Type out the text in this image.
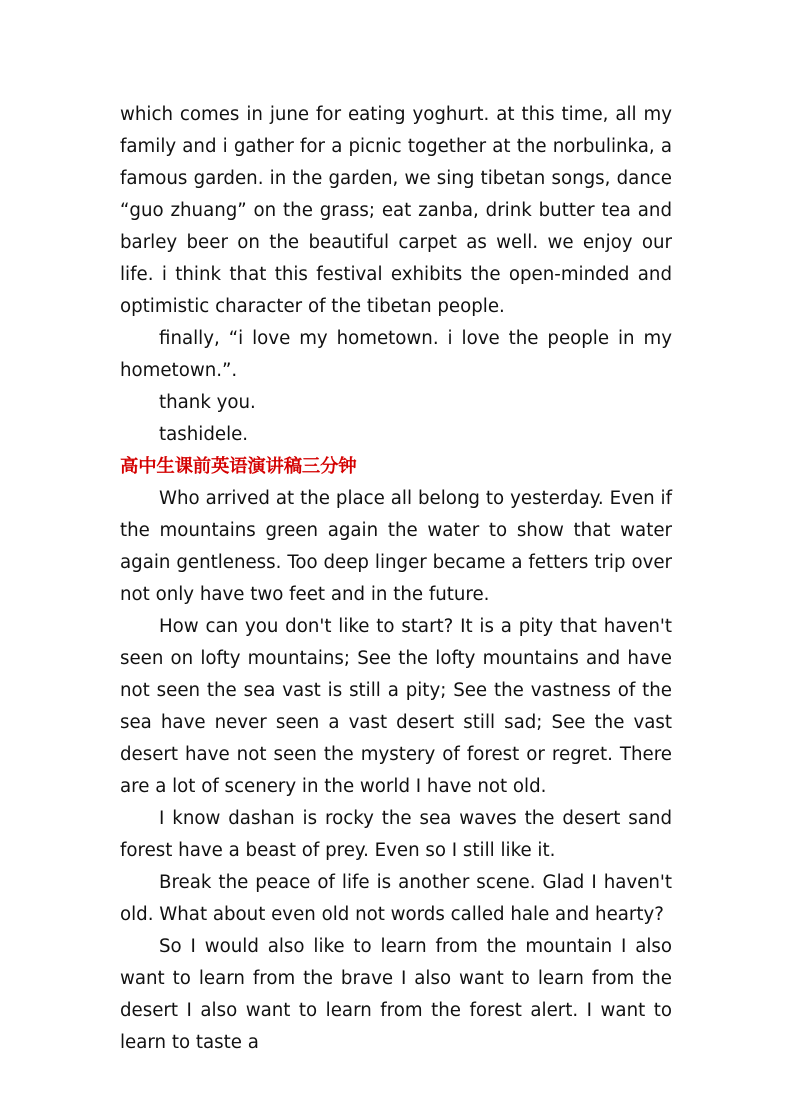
which comes in june for eating yoghurt. at this time, all my family and i gather for a picnic together at the norbulinka, a famous garden. in the garden, we sing tibetan songs, dance “guo zhuang” on the grass; eat zanba, drink butter tea and barley beer on the beautiful carpet as well. we enjoy our life. i think that this festival exhibits the open-minded and optimistic character of the tibetan people.

finally, “i love my hometown. i love the people in my hometown.”.

thank you.

tashidele.

高中生课前英语演讲稿三分钟

Who arrived at the place all belong to yesterday. Even if the mountains green again the water to show that water again gentleness. Too deep linger became a fetters trip over not only have two feet and in the future.

How can you don't like to start? It is a pity that haven't seen on lofty mountains; See the lofty mountains and have not seen the sea vast is still a pity; See the vastness of the sea have never seen a vast desert still sad; See the vast desert have not seen the mystery of forest or regret. There are a lot of scenery in the world I have not old.

I know dashan is rocky the sea waves the desert sand forest have a beast of prey. Even so I still like it.

Break the peace of life is another scene. Glad I haven't old. What about even old not words called hale and hearty?

So I would also like to learn from the mountain I also want to learn from the brave I also want to learn from the desert I also want to learn from the forest alert. I want to learn to taste a
